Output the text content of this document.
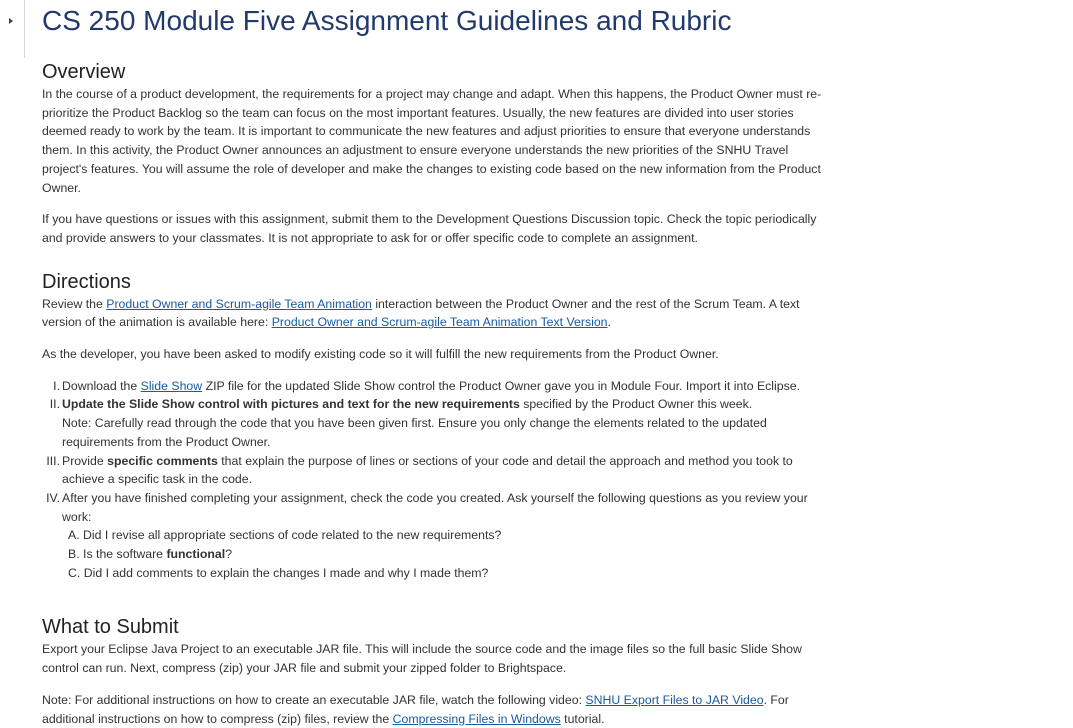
CS 250 Module Five Assignment Guidelines and Rubric
Overview

In the course of a product development, the requirements for a project may change and adapt. When this happens, the Product Owner must re-prioritize the Product Backlog so the team can focus on the most important features. Usually, the new features are divided into user stories deemed ready to work by the team. It is important to communicate the new features and adjust priorities to ensure that everyone understands them. In this activity, the Product Owner announces an adjustment to ensure everyone understands the new priorities of the SNHU Travel project's features. You will assume the role of developer and make the changes to existing code based on the new information from the Product Owner.

If you have questions or issues with this assignment, submit them to the Development Questions Discussion topic. Check the topic periodically and provide answers to your classmates. It is not appropriate to ask for or offer specific code to complete an assignment.

Directions

Review the Product Owner and Scrum-agile Team Animation interaction between the Product Owner and the rest of the Scrum Team. A text version of the animation is available here: Product Owner and Scrum-agile Team Animation Text Version.

As the developer, you have been asked to modify existing code so it will fulfill the new requirements from the Product Owner.

I. Download the Slide Show ZIP file for the updated Slide Show control the Product Owner gave you in Module Four. Import it into Eclipse.
II. Update the Slide Show control with pictures and text for the new requirements specified by the Product Owner this week.
Note: Carefully read through the code that you have been given first. Ensure you only change the elements related to the updated requirements from the Product Owner.
III. Provide specific comments that explain the purpose of lines or sections of your code and detail the approach and method you took to achieve a specific task in the code.
IV. After you have finished completing your assignment, check the code you created. Ask yourself the following questions as you review your work:
A. Did I revise all appropriate sections of code related to the new requirements?
B. Is the software functional?
C. Did I add comments to explain the changes I made and why I made them?
What to Submit

Export your Eclipse Java Project to an executable JAR file. This will include the source code and the image files so the full basic Slide Show control can run. Next, compress (zip) your JAR file and submit your zipped folder to Brightspace.

Note: For additional instructions on how to create an executable JAR file, watch the following video: SNHU Export Files to JAR Video. For additional instructions on how to compress (zip) files, review the Compressing Files in Windows tutorial.
